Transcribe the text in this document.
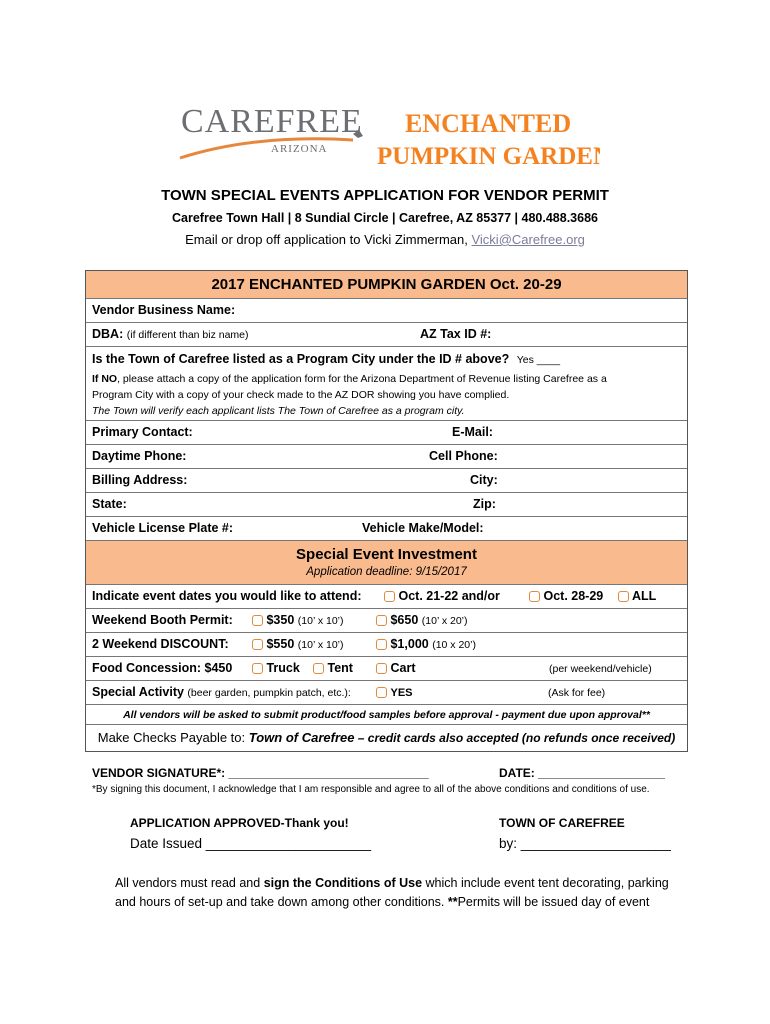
CAREFREE
ARIZONA
ENCHANTED
PUMPKIN GARDEN
TOWN SPECIAL EVENTS APPLICATION FOR VENDOR PERMIT
Carefree Town Hall | 8 Sundial Circle | Carefree, AZ 85377 | 480.488.3686
Email or drop off application to Vicki Zimmerman, Vicki@Carefree.org
2017 ENCHANTED PUMPKIN GARDEN Oct. 20-29
Vendor Business Name:
DBA: (if different than biz name)	AZ Tax ID #:
Is the Town of Carefree listed as a Program City under the ID # above? Yes ____
If NO, please attach a copy of the application form for the Arizona Department of Revenue listing Carefree as a
Program City with a copy of your check made to the AZ DOR showing you have complied.
The Town will verify each applicant lists The Town of Carefree as a program city.
Primary Contact:	E-Mail:
Daytime Phone:	Cell Phone:
Billing Address:	City:
State:	Zip:
Vehicle License Plate #:	Vehicle Make/Model:
Special Event Investment
Application deadline: 9/15/2017
Indicate event dates you would like to attend:	Oct. 21-22 and/or	Oct. 28-29	ALL
Weekend Booth Permit:	$350 (10’ x 10’)	$650 (10’ x 20’)
2 Weekend DISCOUNT:	$550 (10’ x 10’)	$1,000 (10 x 20’)
Food Concession: $450	Truck	Tent	Cart	(per weekend/vehicle)
Special Activity (beer garden, pumpkin patch, etc.):	YES	(Ask for fee)
All vendors will be asked to submit product/food samples before approval - payment due upon approval**
Make Checks Payable to: Town of Carefree – credit cards also accepted (no refunds once received)
VENDOR SIGNATURE*: ______________________________	DATE: ___________________
*By signing this document, I acknowledge that I am responsible and agree to all of the above conditions and conditions of use.
APPLICATION APPROVED-Thank you!	TOWN OF CAREFREE
Date Issued ______________________	by: ____________________
All vendors must read and sign the Conditions of Use which include event tent decorating, parking
and hours of set-up and take down among other conditions. **Permits will be issued day of event
